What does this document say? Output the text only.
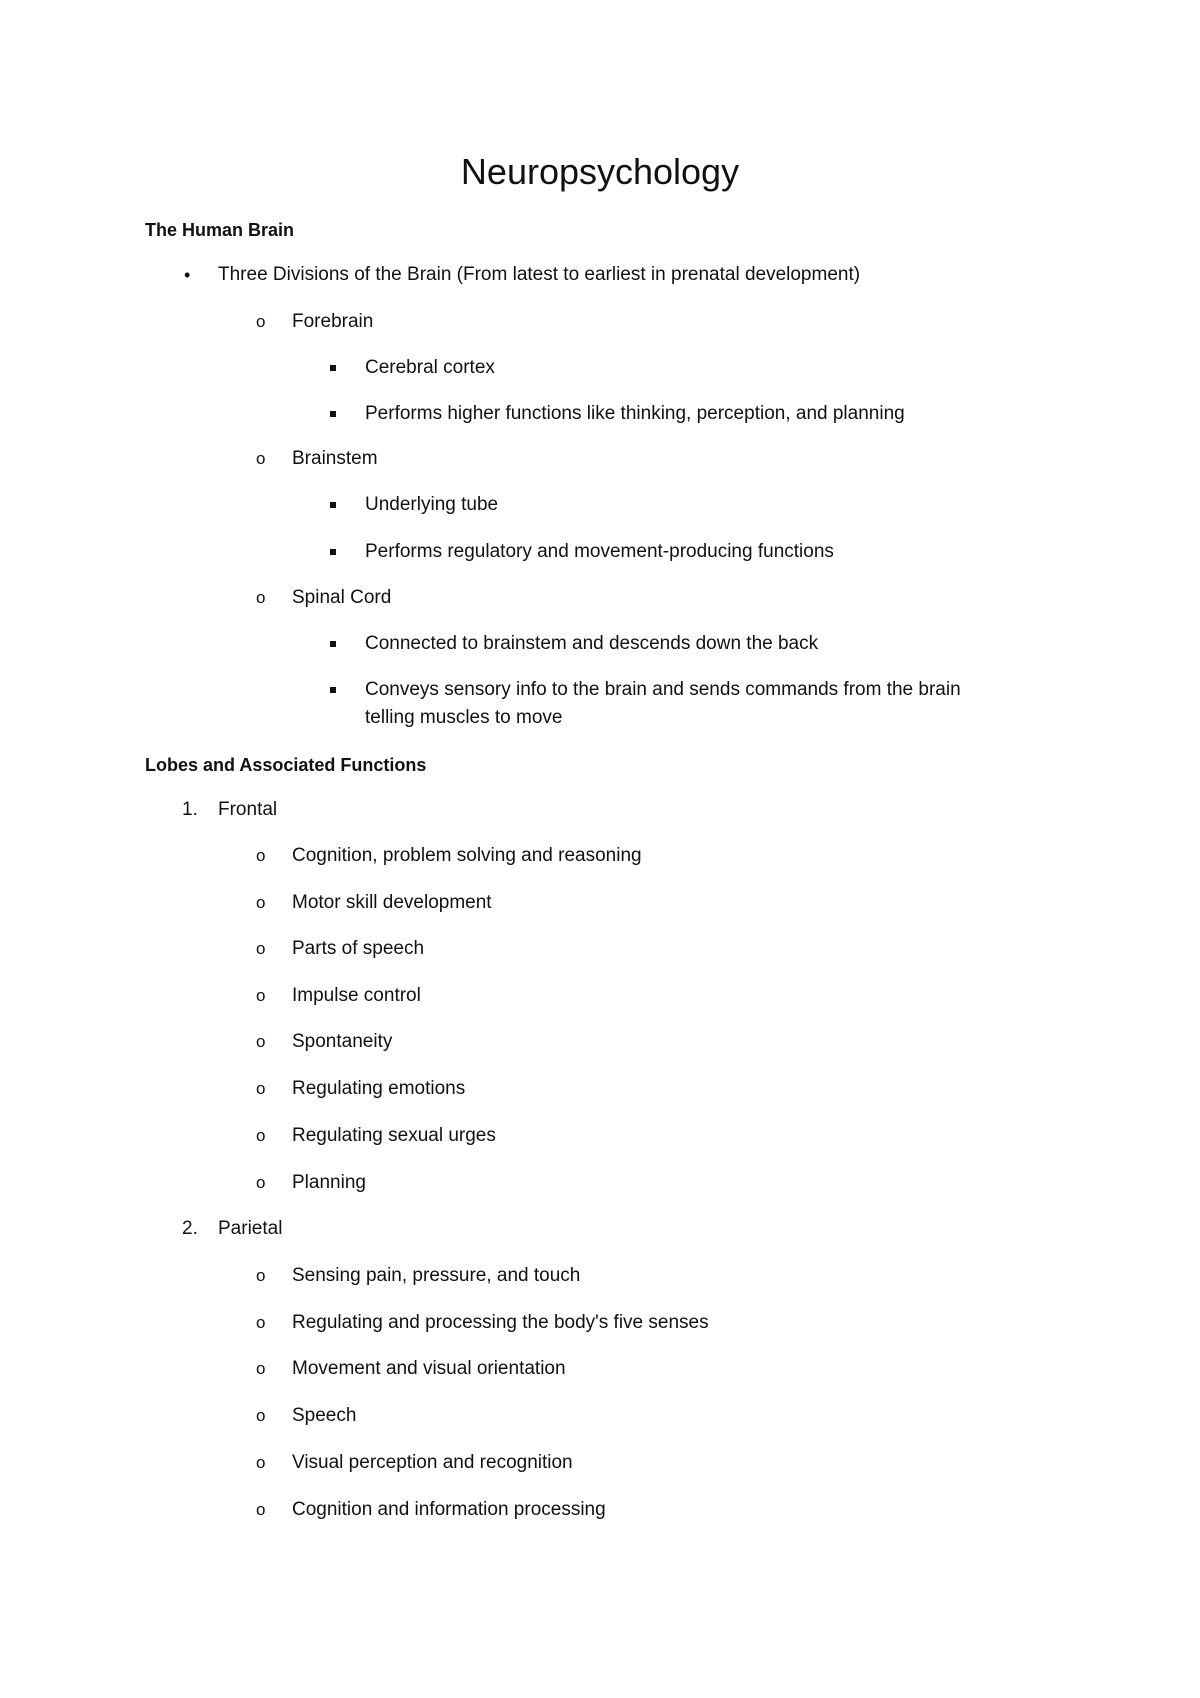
Neuropsychology
The Human Brain
• Three Divisions of the Brain (From latest to earliest in prenatal development)
o Forebrain
Cerebral cortex
Performs higher functions like thinking, perception, and planning
o Brainstem
Underlying tube
Performs regulatory and movement-producing functions
o Spinal Cord
Connected to brainstem and descends down the back
Conveys sensory info to the brain and sends commands from the brain
telling muscles to move
Lobes and Associated Functions
1. Frontal
o Cognition, problem solving and reasoning
o Motor skill development
o Parts of speech
o Impulse control
o Spontaneity
o Regulating emotions
o Regulating sexual urges
o Planning
2. Parietal
o Sensing pain, pressure, and touch
o Regulating and processing the body's five senses
o Movement and visual orientation
o Speech
o Visual perception and recognition
o Cognition and information processing
